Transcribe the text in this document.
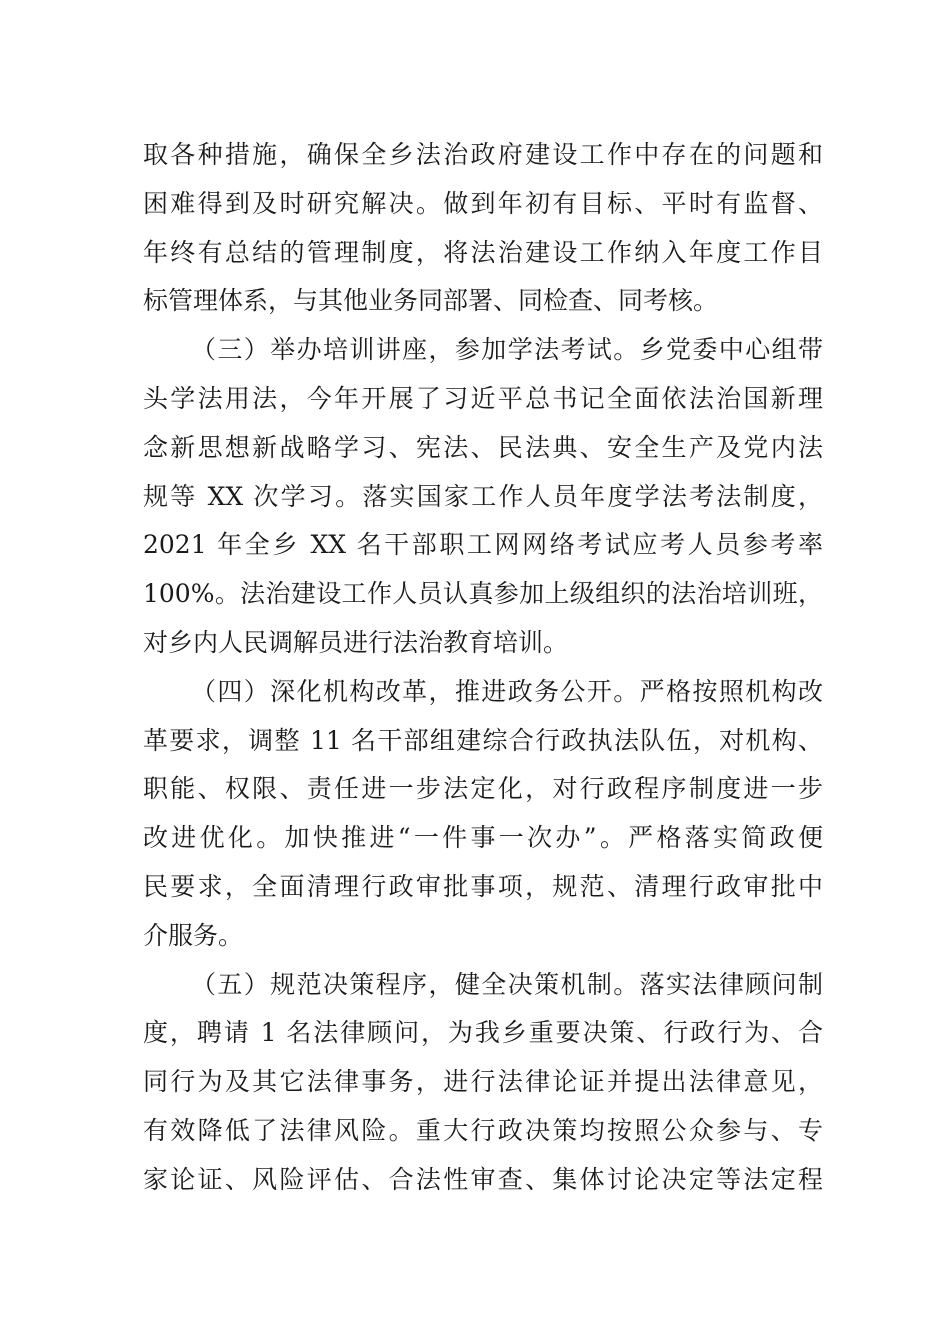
取各种措施，确保全乡法治政府建设工作中存在的问题和
困难得到及时研究解决。做到年初有目标、平时有监督、
年终有总结的管理制度，将法治建设工作纳入年度工作目
标管理体系，与其他业务同部署、同检查、同考核。
（三）举办培训讲座，参加学法考试。乡党委中心组带
头学法用法，今年开展了习近平总书记全面依法治国新理
念新思想新战略学习、宪法、民法典、安全生产及党内法
规等 XX 次学习。落实国家工作人员年度学法考法制度，
2021 年全乡 XX 名干部职工网网络考试应考人员参考率
100%。法治建设工作人员认真参加上级组织的法治培训班，
对乡内人民调解员进行法治教育培训。
（四）深化机构改革，推进政务公开。严格按照机构改
革要求，调整 11 名干部组建综合行政执法队伍，对机构、
职能、权限、责任进一步法定化，对行政程序制度进一步
改进优化。加快推进“一件事一次办”。严格落实简政便
民要求，全面清理行政审批事项，规范、清理行政审批中
介服务。
（五）规范决策程序，健全决策机制。落实法律顾问制
度，聘请 1 名法律顾问，为我乡重要决策、行政行为、合
同行为及其它法律事务，进行法律论证并提出法律意见，
有效降低了法律风险。重大行政决策均按照公众参与、专
家论证、风险评估、合法性审查、集体讨论决定等法定程
